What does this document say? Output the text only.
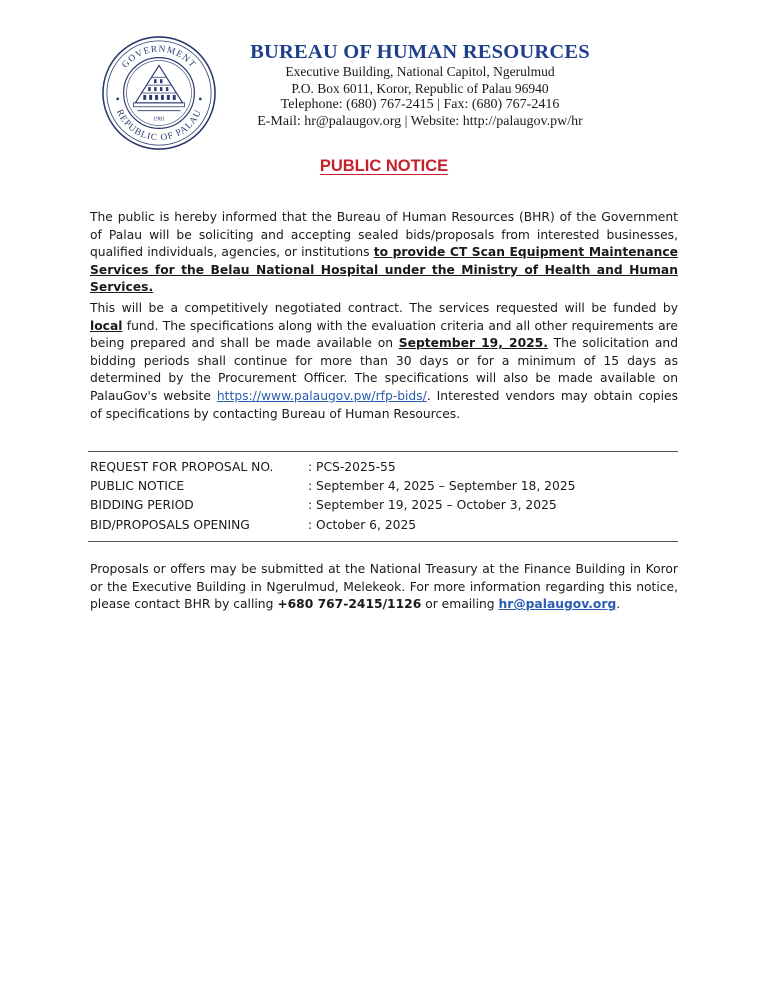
GOVERNMENT
REPUBLIC OF PALAU
1981
BUREAU OF HUMAN RESOURCES
Executive Building, National Capitol, Ngerulmud
P.O. Box 6011, Koror, Republic of Palau 96940
Telephone: (680) 767-2415 | Fax: (680) 767-2416
E-Mail: hr@palaugov.org | Website: http://palaugov.pw/hr
PUBLIC NOTICE
The public is hereby informed that the Bureau of Human Resources (BHR) of the Government of Palau will be soliciting and accepting sealed bids/proposals from interested businesses, qualified individuals, agencies, or institutions to provide CT Scan Equipment Maintenance Services for the Belau National Hospital under the Ministry of Health and Human Services.
This will be a competitively negotiated contract. The services requested will be funded by local fund. The specifications along with the evaluation criteria and all other requirements are being prepared and shall be made available on September 19, 2025. The solicitation and bidding periods shall continue for more than 30 days or for a minimum of 15 days as determined by the Procurement Officer. The specifications will also be made available on PalauGov's website https://www.palaugov.pw/rfp-bids/. Interested vendors may obtain copies of specifications by contacting Bureau of Human Resources.
REQUEST FOR PROPOSAL NO.	: PCS-2025-55
PUBLIC NOTICE	: September 4, 2025 – September 18, 2025
BIDDING PERIOD	: September 19, 2025 – October 3, 2025
BID/PROPOSALS OPENING	: October 6, 2025
Proposals or offers may be submitted at the National Treasury at the Finance Building in Koror or the Executive Building in Ngerulmud, Melekeok. For more information regarding this notice, please contact BHR by calling +680 767-2415/1126 or emailing hr@palaugov.org.
